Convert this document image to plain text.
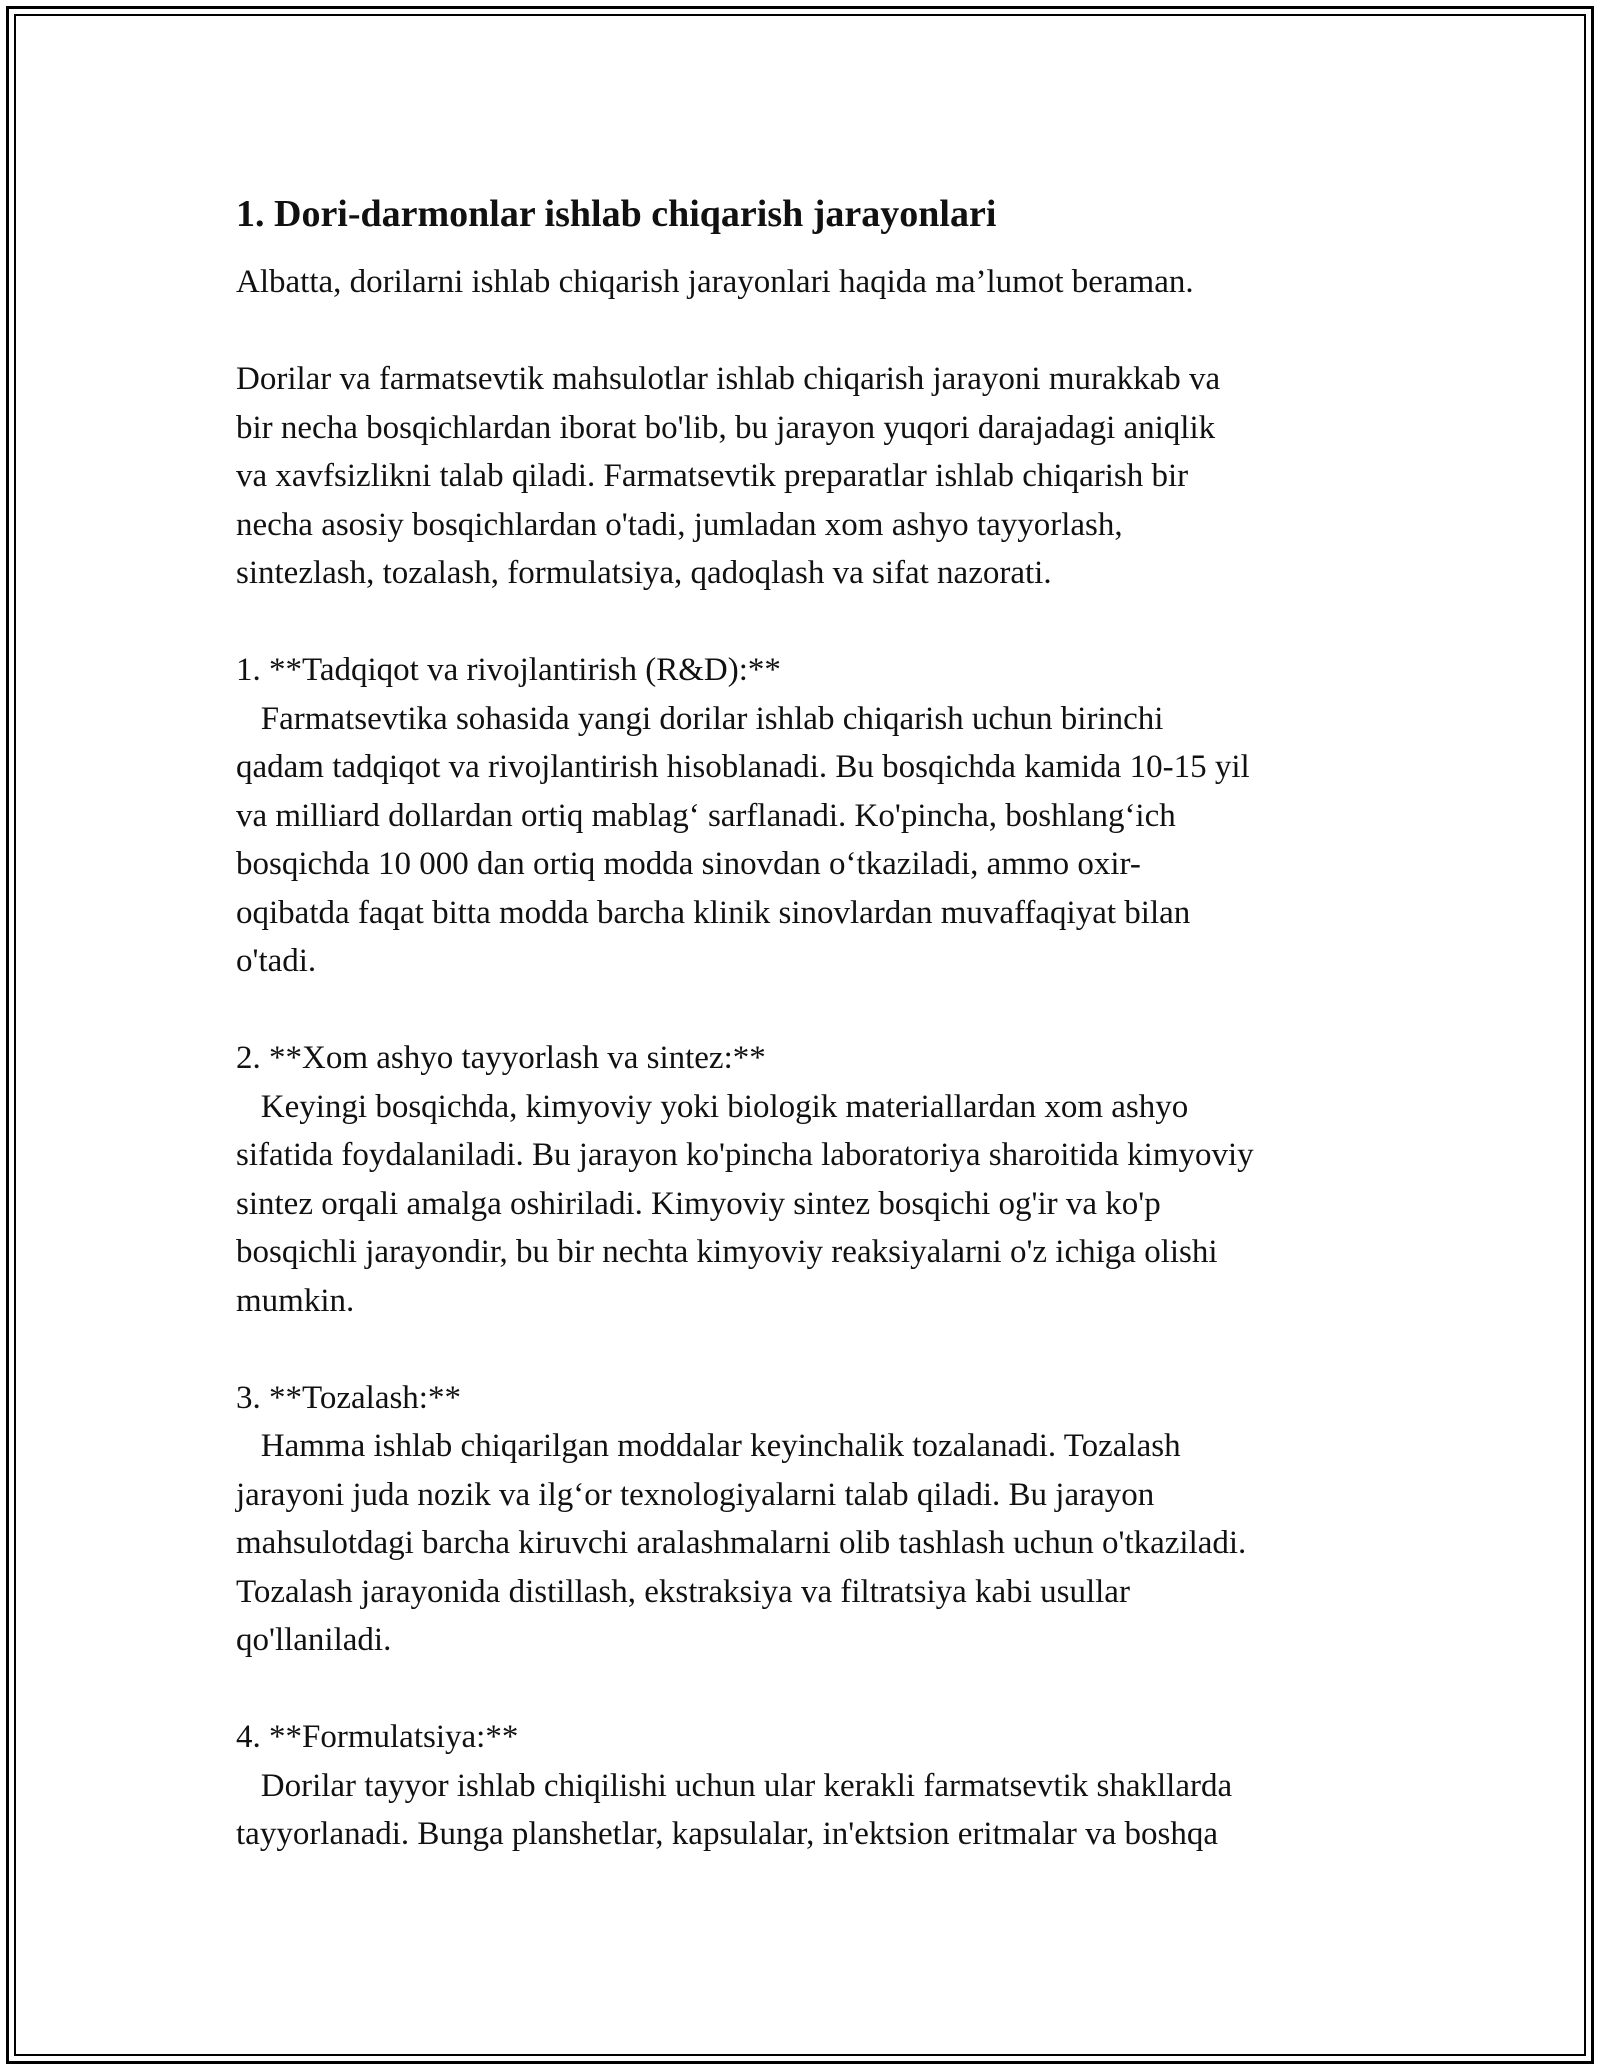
1. Dori-darmonlar ishlab chiqarish jarayonlari

Albatta, dorilarni ishlab chiqarish jarayonlari haqida ma’lumot beraman.

Dorilar va farmatsevtik mahsulotlar ishlab chiqarish jarayoni murakkab va
bir necha bosqichlardan iborat bo'lib, bu jarayon yuqori darajadagi aniqlik
va xavfsizlikni talab qiladi. Farmatsevtik preparatlar ishlab chiqarish bir
necha asosiy bosqichlardan o'tadi, jumladan xom ashyo tayyorlash,
sintezlash, tozalash, formulatsiya, qadoqlash va sifat nazorati.

1. **Tadqiqot va rivojlantirish (R&D):**

Farmatsevtika sohasida yangi dorilar ishlab chiqarish uchun birinchi
qadam tadqiqot va rivojlantirish hisoblanadi. Bu bosqichda kamida 10-15 yil
va milliard dollardan ortiq mablag‘ sarflanadi. Ko'pincha, boshlang‘ich
bosqichda 10 000 dan ortiq modda sinovdan o‘tkaziladi, ammo oxir-
oqibatda faqat bitta modda barcha klinik sinovlardan muvaffaqiyat bilan
o'tadi.

2. **Xom ashyo tayyorlash va sintez:**

Keyingi bosqichda, kimyoviy yoki biologik materiallardan xom ashyo
sifatida foydalaniladi. Bu jarayon ko'pincha laboratoriya sharoitida kimyoviy
sintez orqali amalga oshiriladi. Kimyoviy sintez bosqichi og'ir va ko'p
bosqichli jarayondir, bu bir nechta kimyoviy reaksiyalarni o'z ichiga olishi
mumkin.

3. **Tozalash:**

Hamma ishlab chiqarilgan moddalar keyinchalik tozalanadi. Tozalash
jarayoni juda nozik va ilg‘or texnologiyalarni talab qiladi. Bu jarayon
mahsulotdagi barcha kiruvchi aralashmalarni olib tashlash uchun o'tkaziladi.
Tozalash jarayonida distillash, ekstraksiya va filtratsiya kabi usullar
qo'llaniladi.

4. **Formulatsiya:**

Dorilar tayyor ishlab chiqilishi uchun ular kerakli farmatsevtik shakllarda
tayyorlanadi. Bunga planshetlar, kapsulalar, in'ektsion eritmalar va boshqa
